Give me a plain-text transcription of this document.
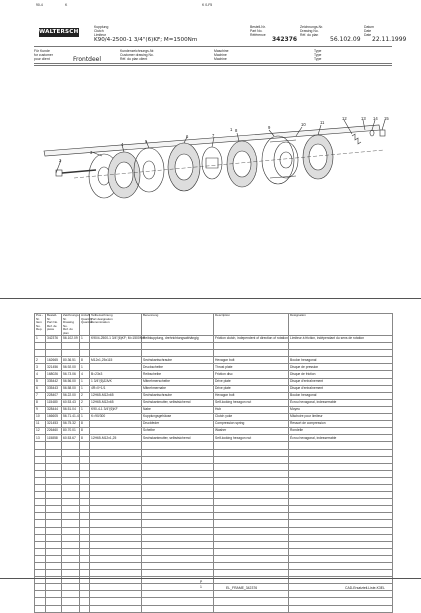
90-4	K	K 0-F5
WALTERSCHEID
Kupplung
Clutch
Limiteur
K90/4-2500-1 3/4"(6)KF; M=1500Nm
Bestell-Nr.
Part No.
Référence
342376
Zeichnungs-Nr.
Drawing No.
Réf. du plan
56.102.09
Datum
Date
Date
22.11.1999
Für Kunde
for customer
pour client	Frontdeel
Kundenzeichnungs-Nr.
Customer drawing No.
Réf. du plan client
Maschine
Machine
Machine
Type
Type
Type
1
2
3
4
5
6	7
8
9
10	11
12	13 14 15
Pos.-Nr.
Item No.
Rep.	Bestell-Nr.
Part No.
Réf. de pièce	Zeichnungs-Nr.
Drawing No.
Réf. du plan	Anzahl
Quantity
Quantité	Teilbezeichnung
Part designation
Dénomination	Benennung	Description	Désignation
1	342376	56.102.09	1	K90/4-2500-1 3/4"(6)KF; M=1500Nm	Reibkupplung, drehrichtungsabhängig	Friction clutch, independent of direction of rotation	Limiteur à friction, indépendant du sens de rotation

2	162665	80.36.51	8	M12x1,25x115	Sechskantschraube	Hexagon bolt	Boulon hexagonal
3	321456	56.92.00	1		Druckscheibe	Thrust plate	Disque de pression
4	168026	56.73.06	4	B=23x3	Reibscheibe	Friction disc	Disque de friction
5	335442	56.56.00	1	1 3/4"(6)Z/A/K	Mitnehmerscheibe	Drive plate	Disque d'entraînement
6	335443	56.58.00	1	4R=0+1/1	Mitnehmernabe	Drive plate	Disque d'entraînement
7	228407	56.22.00	2	12H65-M12x65	Sechskantschraube	Hexagon bolt	Boulon hexagonal
8	115480	60.53.43	2	12H65-M12x65	Sechskantmutter, selbstsichernd	Self-locking hexagon nut	Écrou hexagonal, indesserrable
9	328444	56.51.04	1	K90-4-1 3/4"(6)KF	Nabe	Hub	Moyeu
10	166605	56.71.41-4	1	K=90/300	Kupplungsgehäuse	Clutch yoke	Mâchoire pour limiteur
11	321453	56.75.32	8		Druckfeder	Compression spring	Ressort de compression
12	226460	80.70.01	8		Scheibe	Washer	Rondelle
13	115858	60.53.67	8	12H65-M12x1,25	Sechskantmutter, selbstsichernd	Self-locking hexagon nut	Écrou hexagonal, indesserrable

P
1	EL_FRAME_342376	CAD-Ersatzteil-Liste-K3EL
